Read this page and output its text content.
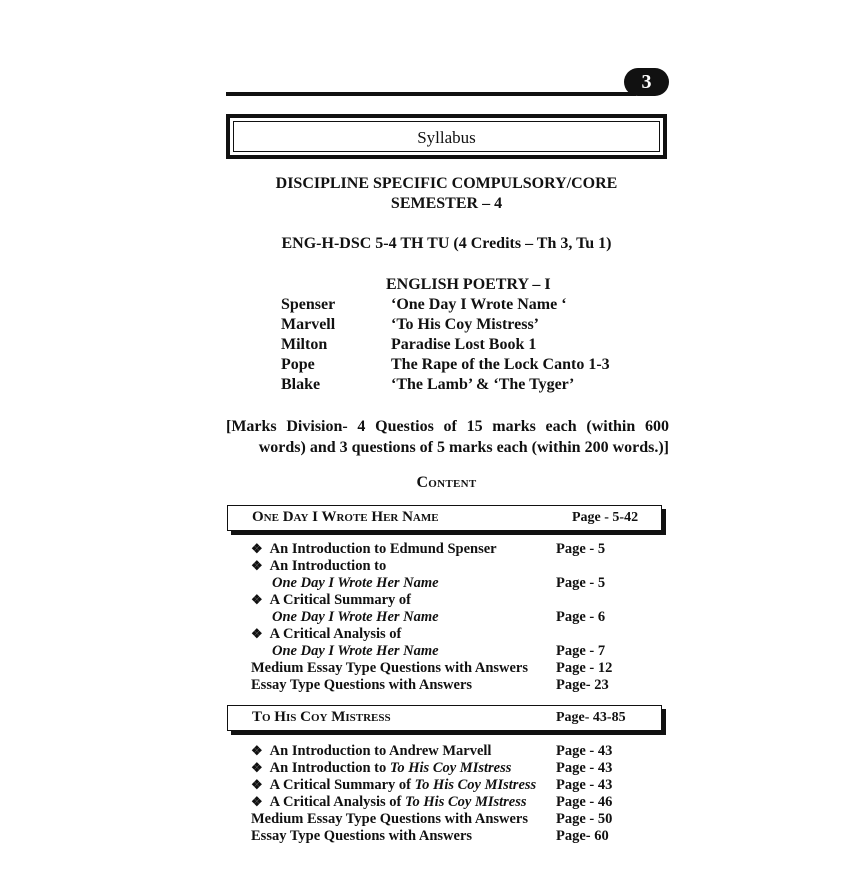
3
Syllabus
DISCIPLINE SPECIFIC COMPULSORY/CORE
SEMESTER – 4
ENG-H-DSC 5-4 TH TU (4 Credits – Th 3, Tu 1)
ENGLISH POETRY – I
Spenser	‘One Day I Wrote Name ‘
Marvell	‘To His Coy Mistress’
Milton	Paradise Lost Book 1
Pope	The Rape of the Lock Canto 1-3
Blake	‘The Lamb’ & ‘The Tyger’
[Marks Division- 4 Questios of 15 marks each (within 600
words) and 3 questions of 5 marks each (within 200 words.)]
Content
One Day I Wrote Her Name	Page - 5-42
❖ An Introduction to Edmund Spenser	Page - 5
❖ An Introduction to
One Day I Wrote Her Name	Page - 5
❖ A Critical Summary of
One Day I Wrote Her Name	Page - 6
❖ A Critical Analysis of
One Day I Wrote Her Name	Page - 7
Medium Essay Type Questions with Answers Page - 12
Essay Type Questions with Answers	Page- 23
To His Coy Mistress	Page- 43-85
❖ An Introduction to Andrew Marvell	Page - 43
❖ An Introduction to To His Coy MIstress	Page - 43
❖ A Critical Summary of To His Coy MIstress Page - 43
❖ A Critical Analysis of To His Coy MIstress Page - 46
Medium Essay Type Questions with Answers Page - 50
Essay Type Questions with Answers	Page- 60
